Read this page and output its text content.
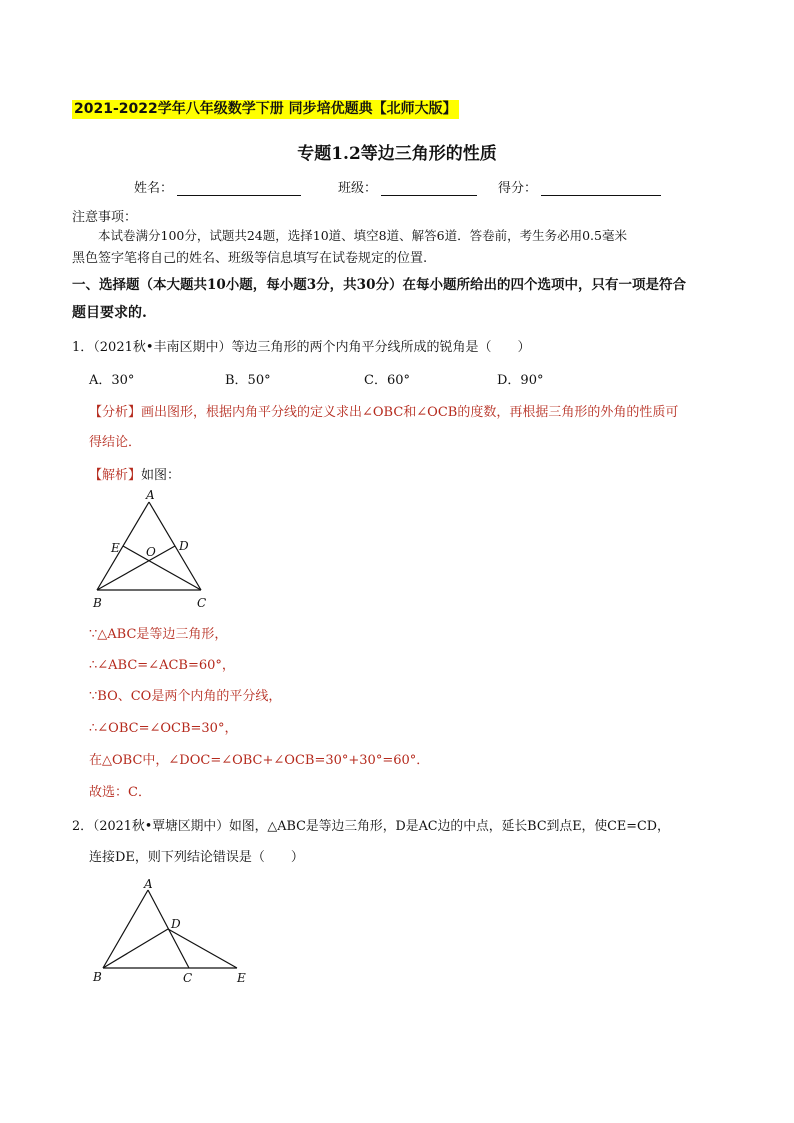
2021-2022学年八年级数学下册 同步培优题典【北师大版】
专题1.2等边三角形的性质
姓名：	班级：	得分：
注意事项：
本试卷满分100分，试题共24题，选择10道、填空8道、解答6道．答卷前，考生务必用0.5毫米
黑色签字笔将自己的姓名、班级等信息填写在试卷规定的位置.
一、选择题（本大题共10小题，每小题3分，共30分）在每小题所给出的四个选项中，只有一项是符合
题目要求的.
1．（2021秋•丰南区期中）等边三角形的两个内角平分线所成的锐角是（　　）
A．30°	B．50°	C．60°	D．90°
【分析】画出图形，根据内角平分线的定义求出∠OBC和∠OCB的度数，再根据三角形的外角的性质可
得结论．
【解析】如图：
A
B	C
D
E O
∵△ABC是等边三角形，
∴∠ABC=∠ACB=60°，
∵BO、CO是两个内角的平分线，
∴∠OBC=∠OCB=30°，
在△OBC中，∠DOC=∠OBC+∠OCB=30°+30°=60°．
故选：C．
2．（2021秋•覃塘区期中）如图，△ABC是等边三角形，D是AC边的中点，延长BC到点E，使CE=CD，
连接DE，则下列结论错误是（　　）
A
B	C
D
E
